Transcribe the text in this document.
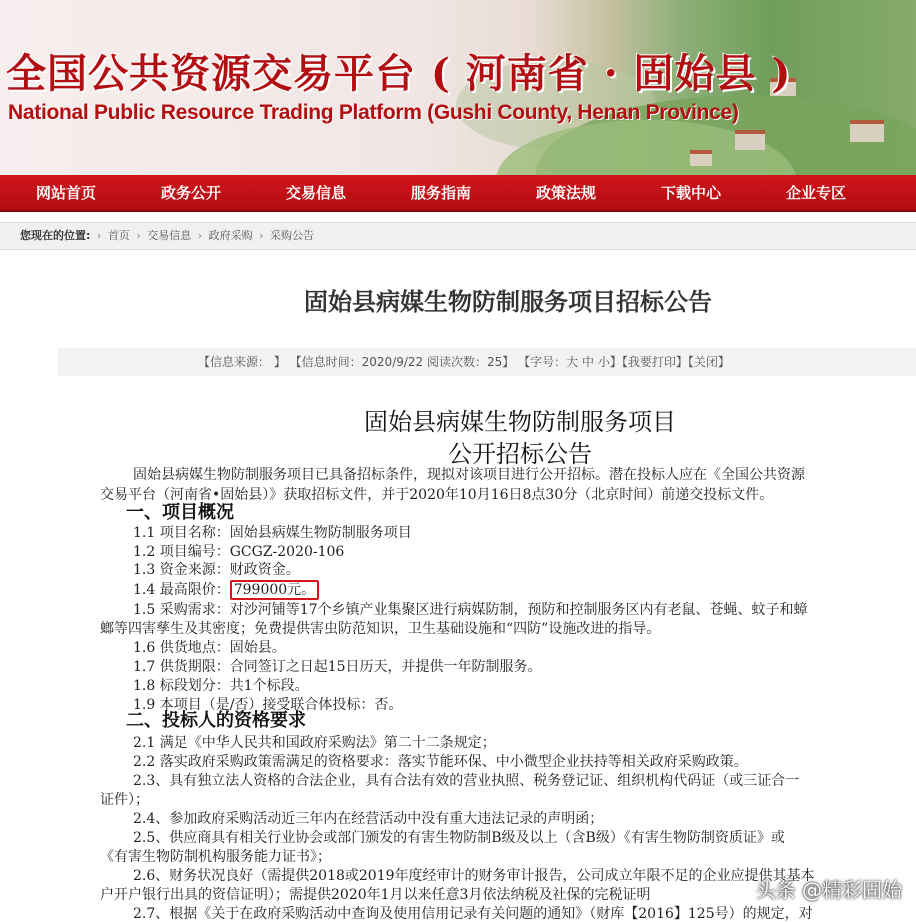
全国公共资源交易平台 ( 河南省 · 固始县 )
National Public Resource Trading Platform (Gushi County, Henan Province)
网站首页	政务公开	交易信息	服务指南	政策法规	下载中心	企业专区
您现在的位置: › 首页 › 交易信息 › 政府采购 › 采购公告
固始县病媒生物防制服务项目招标公告
【信息来源： 】 【信息时间：2020/9/22 阅读次数：25】 【字号：大 中 小】【我要打印】【关闭】
固始县病媒生物防制服务项目
公开招标公告
固始县病媒生物防制服务项目已具备招标条件，现拟对该项目进行公开招标。潜在投标人应在《全国公共资源
交易平台（河南省•固始县）》获取招标文件，并于2020年10月16日8点30分（北京时间）前递交投标文件。
一、项目概况
1.1 项目名称：固始县病媒生物防制服务项目
1.2 项目编号：GCGZ-2020-106
1.3 资金来源：财政资金。
1.4 最高限价： 799000元。
1.5 采购需求：对沙河铺等17个乡镇产业集聚区进行病媒防制，预防和控制服务区内有老鼠、苍蝇、蚊子和蟑
螂等四害孳生及其密度；免费提供害虫防范知识，卫生基础设施和“四防”设施改进的指导。
1.6 供货地点：固始县。
1.7 供货期限：合同签订之日起15日历天，并提供一年防制服务。
1.8 标段划分：共1个标段。
1.9 本项目（是/否）接受联合体投标：否。
二、投标人的资格要求
2.1 满足《中华人民共和国政府采购法》第二十二条规定；
2.2 落实政府采购政策需满足的资格要求：落实节能环保、中小微型企业扶持等相关政府采购政策。
2.3、具有独立法人资格的合法企业，具有合法有效的营业执照、税务登记证、组织机构代码证（或三证合一
证件）；
2.4、参加政府采购活动近三年内在经营活动中没有重大违法记录的声明函；
2.5、供应商具有相关行业协会或部门颁发的有害生物防制B级及以上（含B级）《有害生物防制资质证》或
《有害生物防制机构服务能力证书》；
2.6、财务状况良好（需提供2018或2019年度经审计的财务审计报告，公司成立年限不足的企业应提供其基本
户开户银行出具的资信证明）；需提供2020年1月以来任意3月依法纳税及社保的完税证明
2.7、根据《关于在政府采购活动中查询及使用信用记录有关问题的通知》（财库【2016】125号）的规定，对
头条 @精彩固始
